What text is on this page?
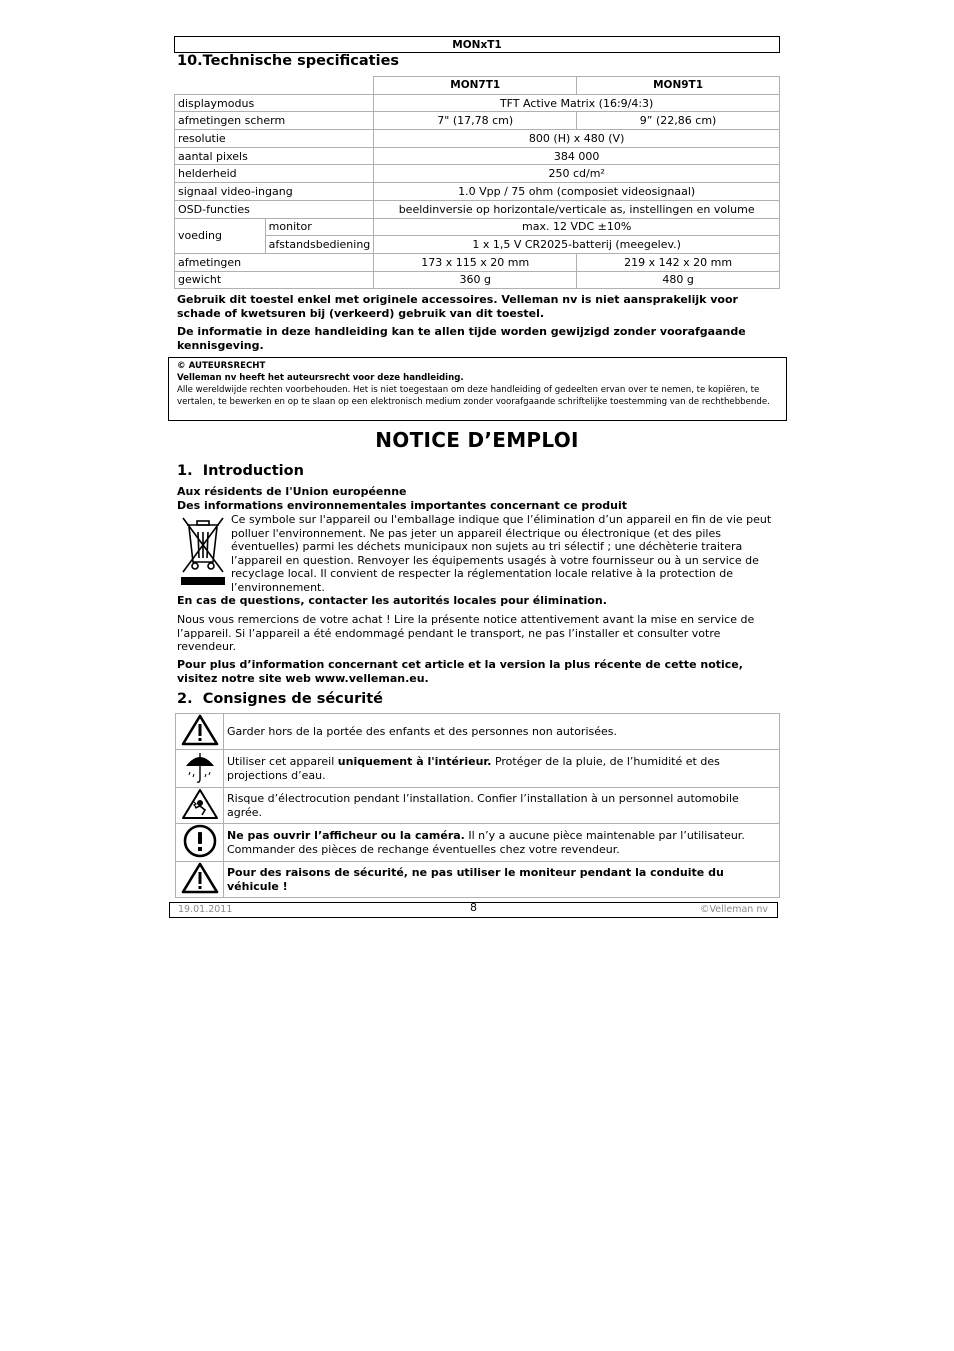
MONxT1
10.Technische specificaties
		MON7T1	MON9T1
displaymodus		TFT Active Matrix (16:9/4:3)	
afmetingen scherm		7" (17,78 cm)	9” (22,86 cm)
resolutie		800 (H) x 480 (V)	
aantal pixels		384 000	
helderheid		250 cd/m²	
signaal video-ingang		1.0 Vpp / 75 ohm (composiet videosignaal)	
OSD-functies		beeldinversie op horizontale/verticale as, instellingen en volume	
voeding	monitor	max. 12 VDC ±10%	
	afstandsbediening	1 x 1,5 V CR2025-batterij (meegelev.)	
afmetingen		173 x 115 x 20 mm	219 x 142 x 20 mm
gewicht		360 g	480 g
Gebruik dit toestel enkel met originele accessoires. Velleman nv is niet aansprakelijk voor schade of kwetsuren bij (verkeerd) gebruik van dit toestel.
De informatie in deze handleiding kan te allen tijde worden gewijzigd zonder voorafgaande kennisgeving.
© AUTEURSRECHT
Velleman nv heeft het auteursrecht voor deze handleiding.
Alle wereldwijde rechten voorbehouden. Het is niet toegestaan om deze handleiding of gedeelten ervan over te nemen, te kopiëren, te vertalen, te bewerken en op te slaan op een elektronisch medium zonder voorafgaande schriftelijke toestemming van de rechthebbende.
NOTICE D’EMPLOI
1.  Introduction
Aux résidents de l'Union européenne
Des informations environnementales importantes concernant ce produit
Ce symbole sur l'appareil ou l'emballage indique que l’élimination d’un appareil en fin de vie peut polluer l'environnement. Ne pas jeter un appareil électrique ou électronique (et des piles éventuelles) parmi les déchets municipaux non sujets au tri sélectif ; une déchèterie traitera l’appareil en question. Renvoyer les équipements usagés à votre fournisseur ou à un service de recyclage local. Il convient de respecter la réglementation locale relative à la protection de l’environnement.
En cas de questions, contacter les autorités locales pour élimination.
Nous vous remercions de votre achat ! Lire la présente notice attentivement avant la mise en service de l’appareil. Si l’appareil a été endommagé pendant le transport, ne pas l’installer et consulter votre revendeur.
Pour plus d’information concernant cet article et la version la plus récente de cette notice, visitez notre site web www.velleman.eu.
2.  Consignes de sécurité
	Garder hors de la portée des enfants et des personnes non autorisées.

	Utiliser cet appareil uniquement à l'intérieur. Protéger de la pluie, de l’humidité et des projections d’eau.

	Risque d’électrocution pendant l’installation. Confier l’installation à un personnel automobile agrée.

	Ne pas ouvrir l’afficheur ou la caméra. Il n’y a aucune pièce maintenable par l’utilisateur. Commander des pièces de rechange éventuelles chez votre revendeur.

	Pour des raisons de sécurité, ne pas utiliser le moniteur pendant la conduite du véhicule !
19.01.2011	8	©Velleman nv
